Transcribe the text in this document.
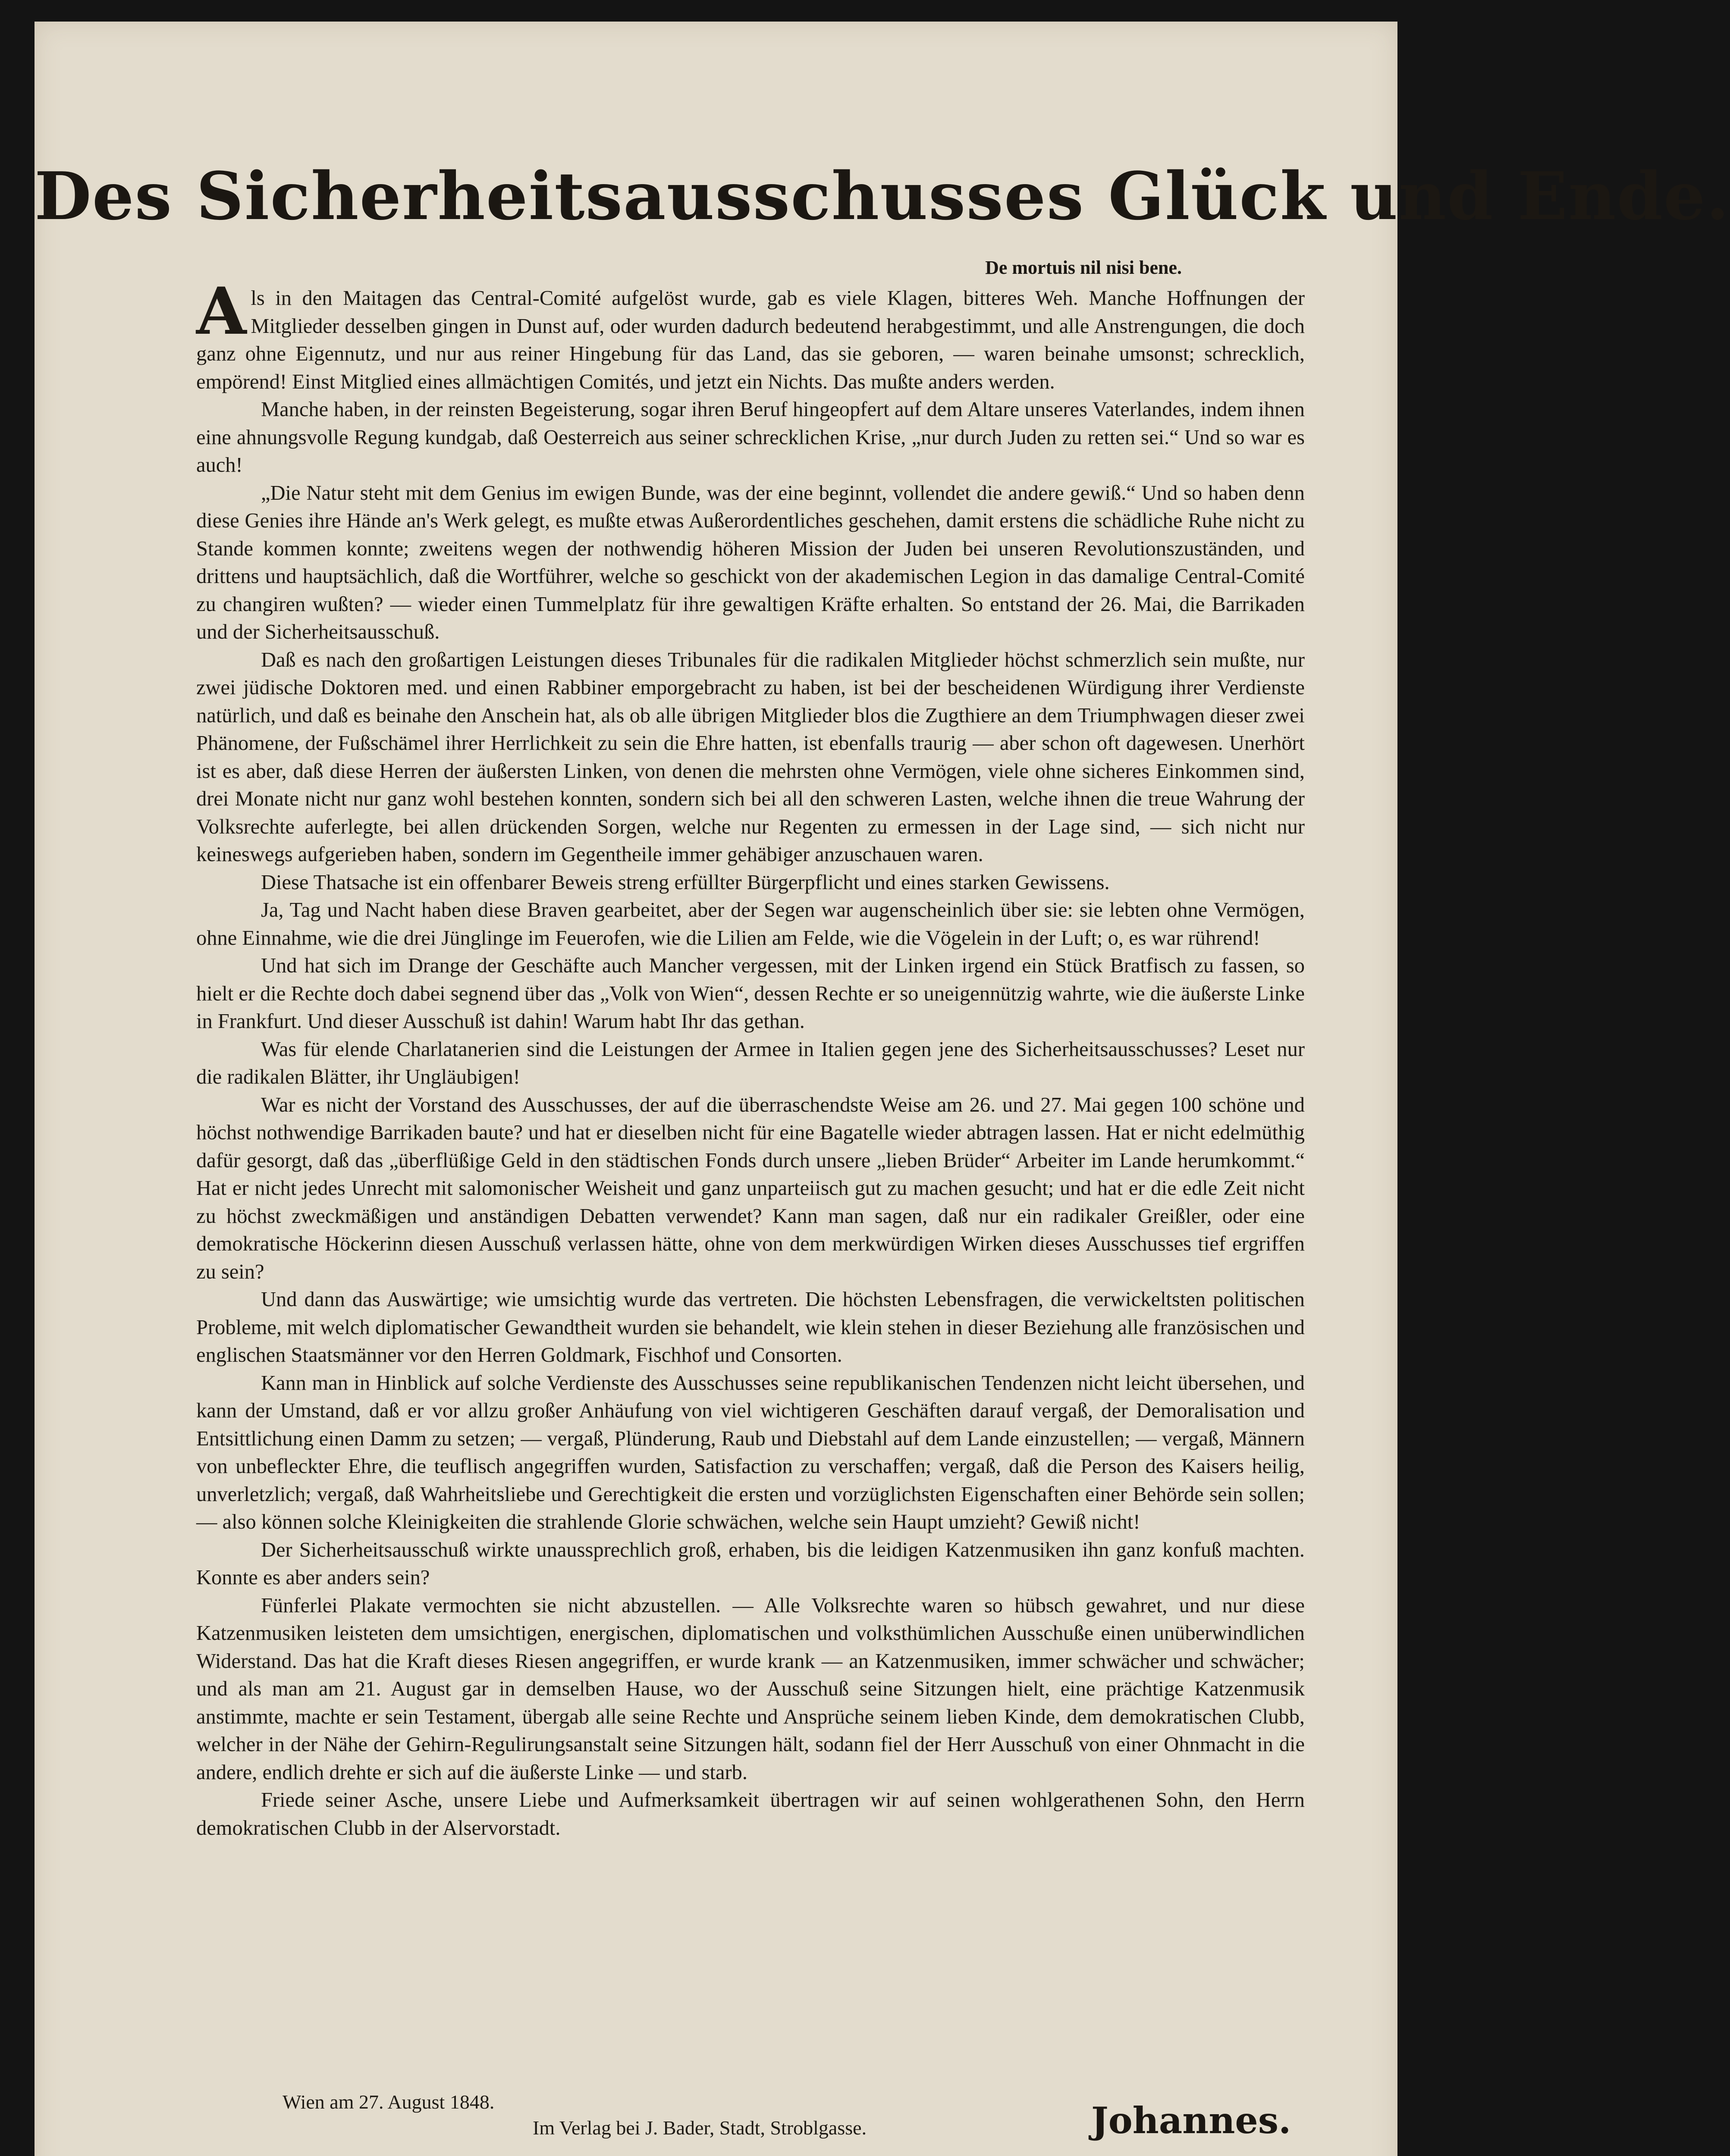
Des Sicherheitsausschusses Glück und Ende.
De mortuis nil nisi bene.

Als in den Maitagen das Central-Comité aufgelöst wurde, gab es viele Klagen, bitteres Weh. Manche Hoffnungen der Mitglieder desselben gingen in Dunst auf, oder wurden dadurch bedeutend herabgestimmt, und alle Anstrengungen, die doch ganz ohne Eigennutz, und nur aus reiner Hingebung für das Land, das sie geboren, — waren beinahe umsonst; schrecklich, empörend! Einst Mitglied eines allmächtigen Comités, und jetzt ein Nichts. Das mußte anders werden.

Manche haben, in der reinsten Begeisterung, sogar ihren Beruf hingeopfert auf dem Altare unseres Vaterlandes, indem ihnen eine ahnungsvolle Regung kundgab, daß Oesterreich aus seiner schrecklichen Krise, „nur durch Juden zu retten sei.“ Und so war es auch!

„Die Natur steht mit dem Genius im ewigen Bunde, was der eine beginnt, vollendet die andere gewiß.“ Und so haben denn diese Genies ihre Hände an's Werk gelegt, es mußte etwas Außerordentliches geschehen, damit erstens die schädliche Ruhe nicht zu Stande kommen konnte; zweitens wegen der nothwendig höheren Mission der Juden bei unseren Revolutionszuständen, und drittens und hauptsächlich, daß die Wortführer, welche so geschickt von der akademischen Legion in das damalige Central-Comité zu changiren wußten? — wieder einen Tummelplatz für ihre gewaltigen Kräfte erhalten. So entstand der 26. Mai, die Barrikaden und der Sicherheitsausschuß.

Daß es nach den großartigen Leistungen dieses Tribunales für die radikalen Mitglieder höchst schmerzlich sein mußte, nur zwei jüdische Doktoren med. und einen Rabbiner emporgebracht zu haben, ist bei der bescheidenen Würdigung ihrer Verdienste natürlich, und daß es beinahe den Anschein hat, als ob alle übrigen Mitglieder blos die Zugthiere an dem Triumphwagen dieser zwei Phänomene, der Fußschämel ihrer Herrlichkeit zu sein die Ehre hatten, ist ebenfalls traurig — aber schon oft dagewesen. Unerhört ist es aber, daß diese Herren der äußersten Linken, von denen die mehrsten ohne Vermögen, viele ohne sicheres Einkommen sind, drei Monate nicht nur ganz wohl bestehen konnten, sondern sich bei all den schweren Lasten, welche ihnen die treue Wahrung der Volksrechte auferlegte, bei allen drückenden Sorgen, welche nur Regenten zu ermessen in der Lage sind, — sich nicht nur keineswegs aufgerieben haben, sondern im Gegentheile immer gehäbiger anzuschauen waren.

Diese Thatsache ist ein offenbarer Beweis streng erfüllter Bürgerpflicht und eines starken Gewissens.

Ja, Tag und Nacht haben diese Braven gearbeitet, aber der Segen war augenscheinlich über sie: sie lebten ohne Vermögen, ohne Einnahme, wie die drei Jünglinge im Feuerofen, wie die Lilien am Felde, wie die Vögelein in der Luft; o, es war rührend!

Und hat sich im Drange der Geschäfte auch Mancher vergessen, mit der Linken irgend ein Stück Bratfisch zu fassen, so hielt er die Rechte doch dabei segnend über das „Volk von Wien“, dessen Rechte er so uneigennützig wahrte, wie die äußerste Linke in Frankfurt. Und dieser Ausschuß ist dahin! Warum habt Ihr das gethan.

Was für elende Charlatanerien sind die Leistungen der Armee in Italien gegen jene des Sicherheitsausschusses? Leset nur die radikalen Blätter, ihr Ungläubigen!

War es nicht der Vorstand des Ausschusses, der auf die überraschendste Weise am 26. und 27. Mai gegen 100 schöne und höchst nothwendige Barrikaden baute? und hat er dieselben nicht für eine Bagatelle wieder abtragen lassen. Hat er nicht edelmüthig dafür gesorgt, daß das „überflüßige Geld in den städtischen Fonds durch unsere „lieben Brüder“ Arbeiter im Lande herumkommt.“ Hat er nicht jedes Unrecht mit salomonischer Weisheit und ganz unparteiisch gut zu machen gesucht; und hat er die edle Zeit nicht zu höchst zweckmäßigen und anständigen Debatten verwendet? Kann man sagen, daß nur ein radikaler Greißler, oder eine demokratische Höckerinn diesen Ausschuß verlassen hätte, ohne von dem merkwürdigen Wirken dieses Ausschusses tief ergriffen zu sein?

Und dann das Auswärtige; wie umsichtig wurde das vertreten. Die höchsten Lebensfragen, die verwickeltsten politischen Probleme, mit welch diplomatischer Gewandtheit wurden sie behandelt, wie klein stehen in dieser Beziehung alle französischen und englischen Staatsmänner vor den Herren Goldmark, Fischhof und Consorten.

Kann man in Hinblick auf solche Verdienste des Ausschusses seine republikanischen Tendenzen nicht leicht übersehen, und kann der Umstand, daß er vor allzu großer Anhäufung von viel wichtigeren Geschäften darauf vergaß, der Demoralisation und Entsittlichung einen Damm zu setzen; — vergaß, Plünderung, Raub und Diebstahl auf dem Lande einzustellen; — vergaß, Männern von unbefleckter Ehre, die teuflisch angegriffen wurden, Satisfaction zu verschaffen; vergaß, daß die Person des Kaisers heilig, unverletzlich; vergaß, daß Wahrheitsliebe und Gerechtigkeit die ersten und vorzüglichsten Eigenschaften einer Behörde sein sollen; — also können solche Kleinigkeiten die strahlende Glorie schwächen, welche sein Haupt umzieht? Gewiß nicht!

Der Sicherheitsausschuß wirkte unaussprechlich groß, erhaben, bis die leidigen Katzenmusiken ihn ganz konfuß machten. Konnte es aber anders sein?

Fünferlei Plakate vermochten sie nicht abzustellen. — Alle Volksrechte waren so hübsch gewahret, und nur diese Katzenmusiken leisteten dem umsichtigen, energischen, diplomatischen und volksthümlichen Ausschuße einen unüberwindlichen Widerstand. Das hat die Kraft dieses Riesen angegriffen, er wurde krank — an Katzenmusiken, immer schwächer und schwächer; und als man am 21. August gar in demselben Hause, wo der Ausschuß seine Sitzungen hielt, eine prächtige Katzenmusik anstimmte, machte er sein Testament, übergab alle seine Rechte und Ansprüche seinem lieben Kinde, dem demokratischen Clubb, welcher in der Nähe der Gehirn-Regulirungsanstalt seine Sitzungen hält, sodann fiel der Herr Ausschuß von einer Ohnmacht in die andere, endlich drehte er sich auf die äußerste Linke — und starb.

Friede seiner Asche, unsere Liebe und Aufmerksamkeit übertragen wir auf seinen wohlgerathenen Sohn, den Herrn demokratischen Clubb in der Alservorstadt.

Wien am 27. August 1848.
Im Verlag bei J. Bader, Stadt, Stroblgasse.	Johannes.
